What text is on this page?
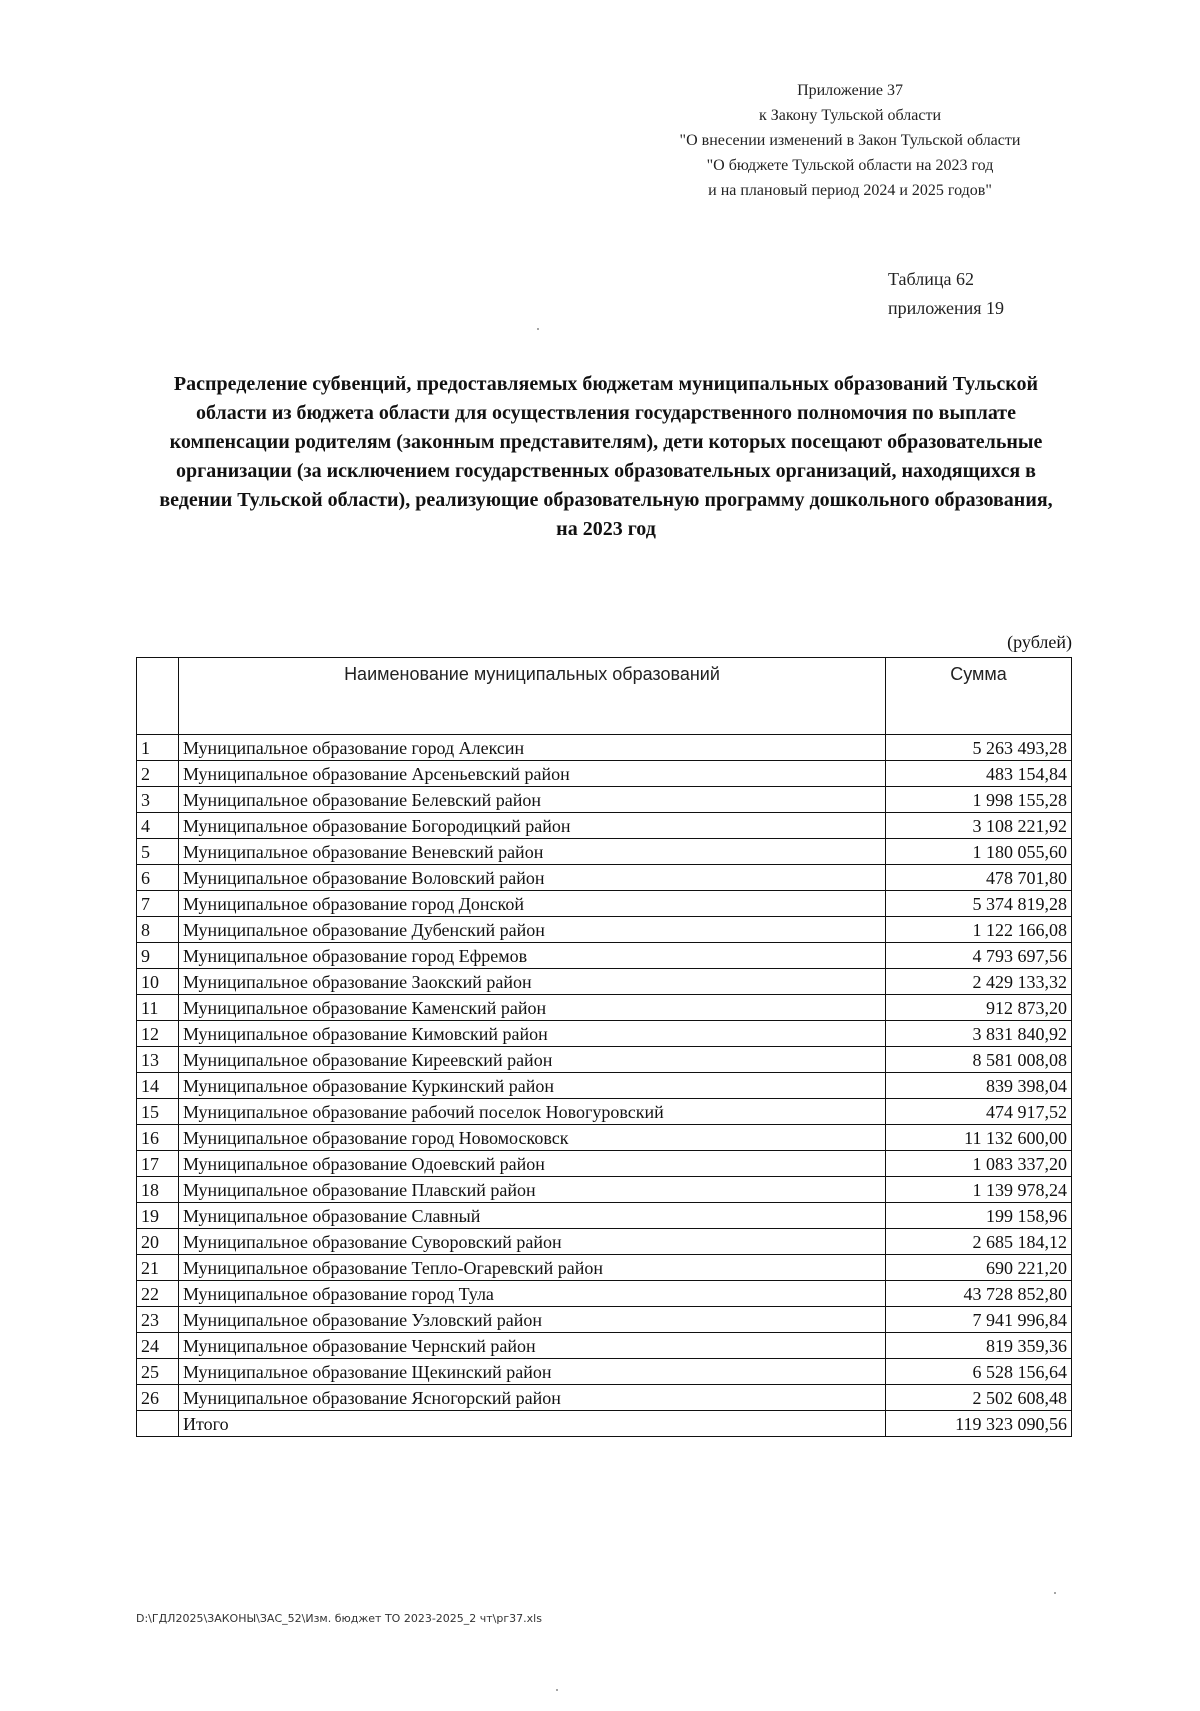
Приложение 37
к Закону Тульской области
"О внесении изменений в Закон Тульской области
"О бюджете Тульской области на 2023 год
и на плановый период 2024 и 2025 годов"
Таблица 62
приложения 19
Распределение субвенций, предоставляемых бюджетам муниципальных образований Тульской области из бюджета области для осуществления государственного полномочия по выплате компенсации родителям (законным представителям), дети которых посещают образовательные организации (за исключением государственных образовательных организаций, находящихся в ведении Тульской области), реализующие образовательную программу дошкольного образования, на 2023 год
(рублей)
	Наименование муниципальных образований	Сумма
1	Муниципальное образование город Алексин	5 263 493,28
2	Муниципальное образование Арсеньевский район	483 154,84
3	Муниципальное образование Белевский район	1 998 155,28
4	Муниципальное образование Богородицкий район	3 108 221,92
5	Муниципальное образование Веневский район	1 180 055,60
6	Муниципальное образование Воловский район	478 701,80
7	Муниципальное образование город Донской	5 374 819,28
8	Муниципальное образование Дубенский район	1 122 166,08
9	Муниципальное образование город Ефремов	4 793 697,56
10	Муниципальное образование Заокский район	2 429 133,32
11	Муниципальное образование Каменский район	912 873,20
12	Муниципальное образование Кимовский район	3 831 840,92
13	Муниципальное образование Киреевский район	8 581 008,08
14	Муниципальное образование Куркинский район	839 398,04
15	Муниципальное образование рабочий поселок Новогуровский	474 917,52
16	Муниципальное образование город Новомосковск	11 132 600,00
17	Муниципальное образование Одоевский район	1 083 337,20
18	Муниципальное образование Плавский район	1 139 978,24
19	Муниципальное образование Славный	199 158,96
20	Муниципальное образование Суворовский район	2 685 184,12
21	Муниципальное образование Тепло-Огаревский район	690 221,20
22	Муниципальное образование город Тула	43 728 852,80
23	Муниципальное образование Узловский район	7 941 996,84
24	Муниципальное образование Чернский район	819 359,36
25	Муниципальное образование Щекинский район	6 528 156,64
26	Муниципальное образование Ясногорский район	2 502 608,48
	Итого	119 323 090,56
D:\ГДЛ2025\ЗАКОНЫ\ЗАС_52\Изм. бюджет ТО 2023-2025_2 чт\рг37.xls
